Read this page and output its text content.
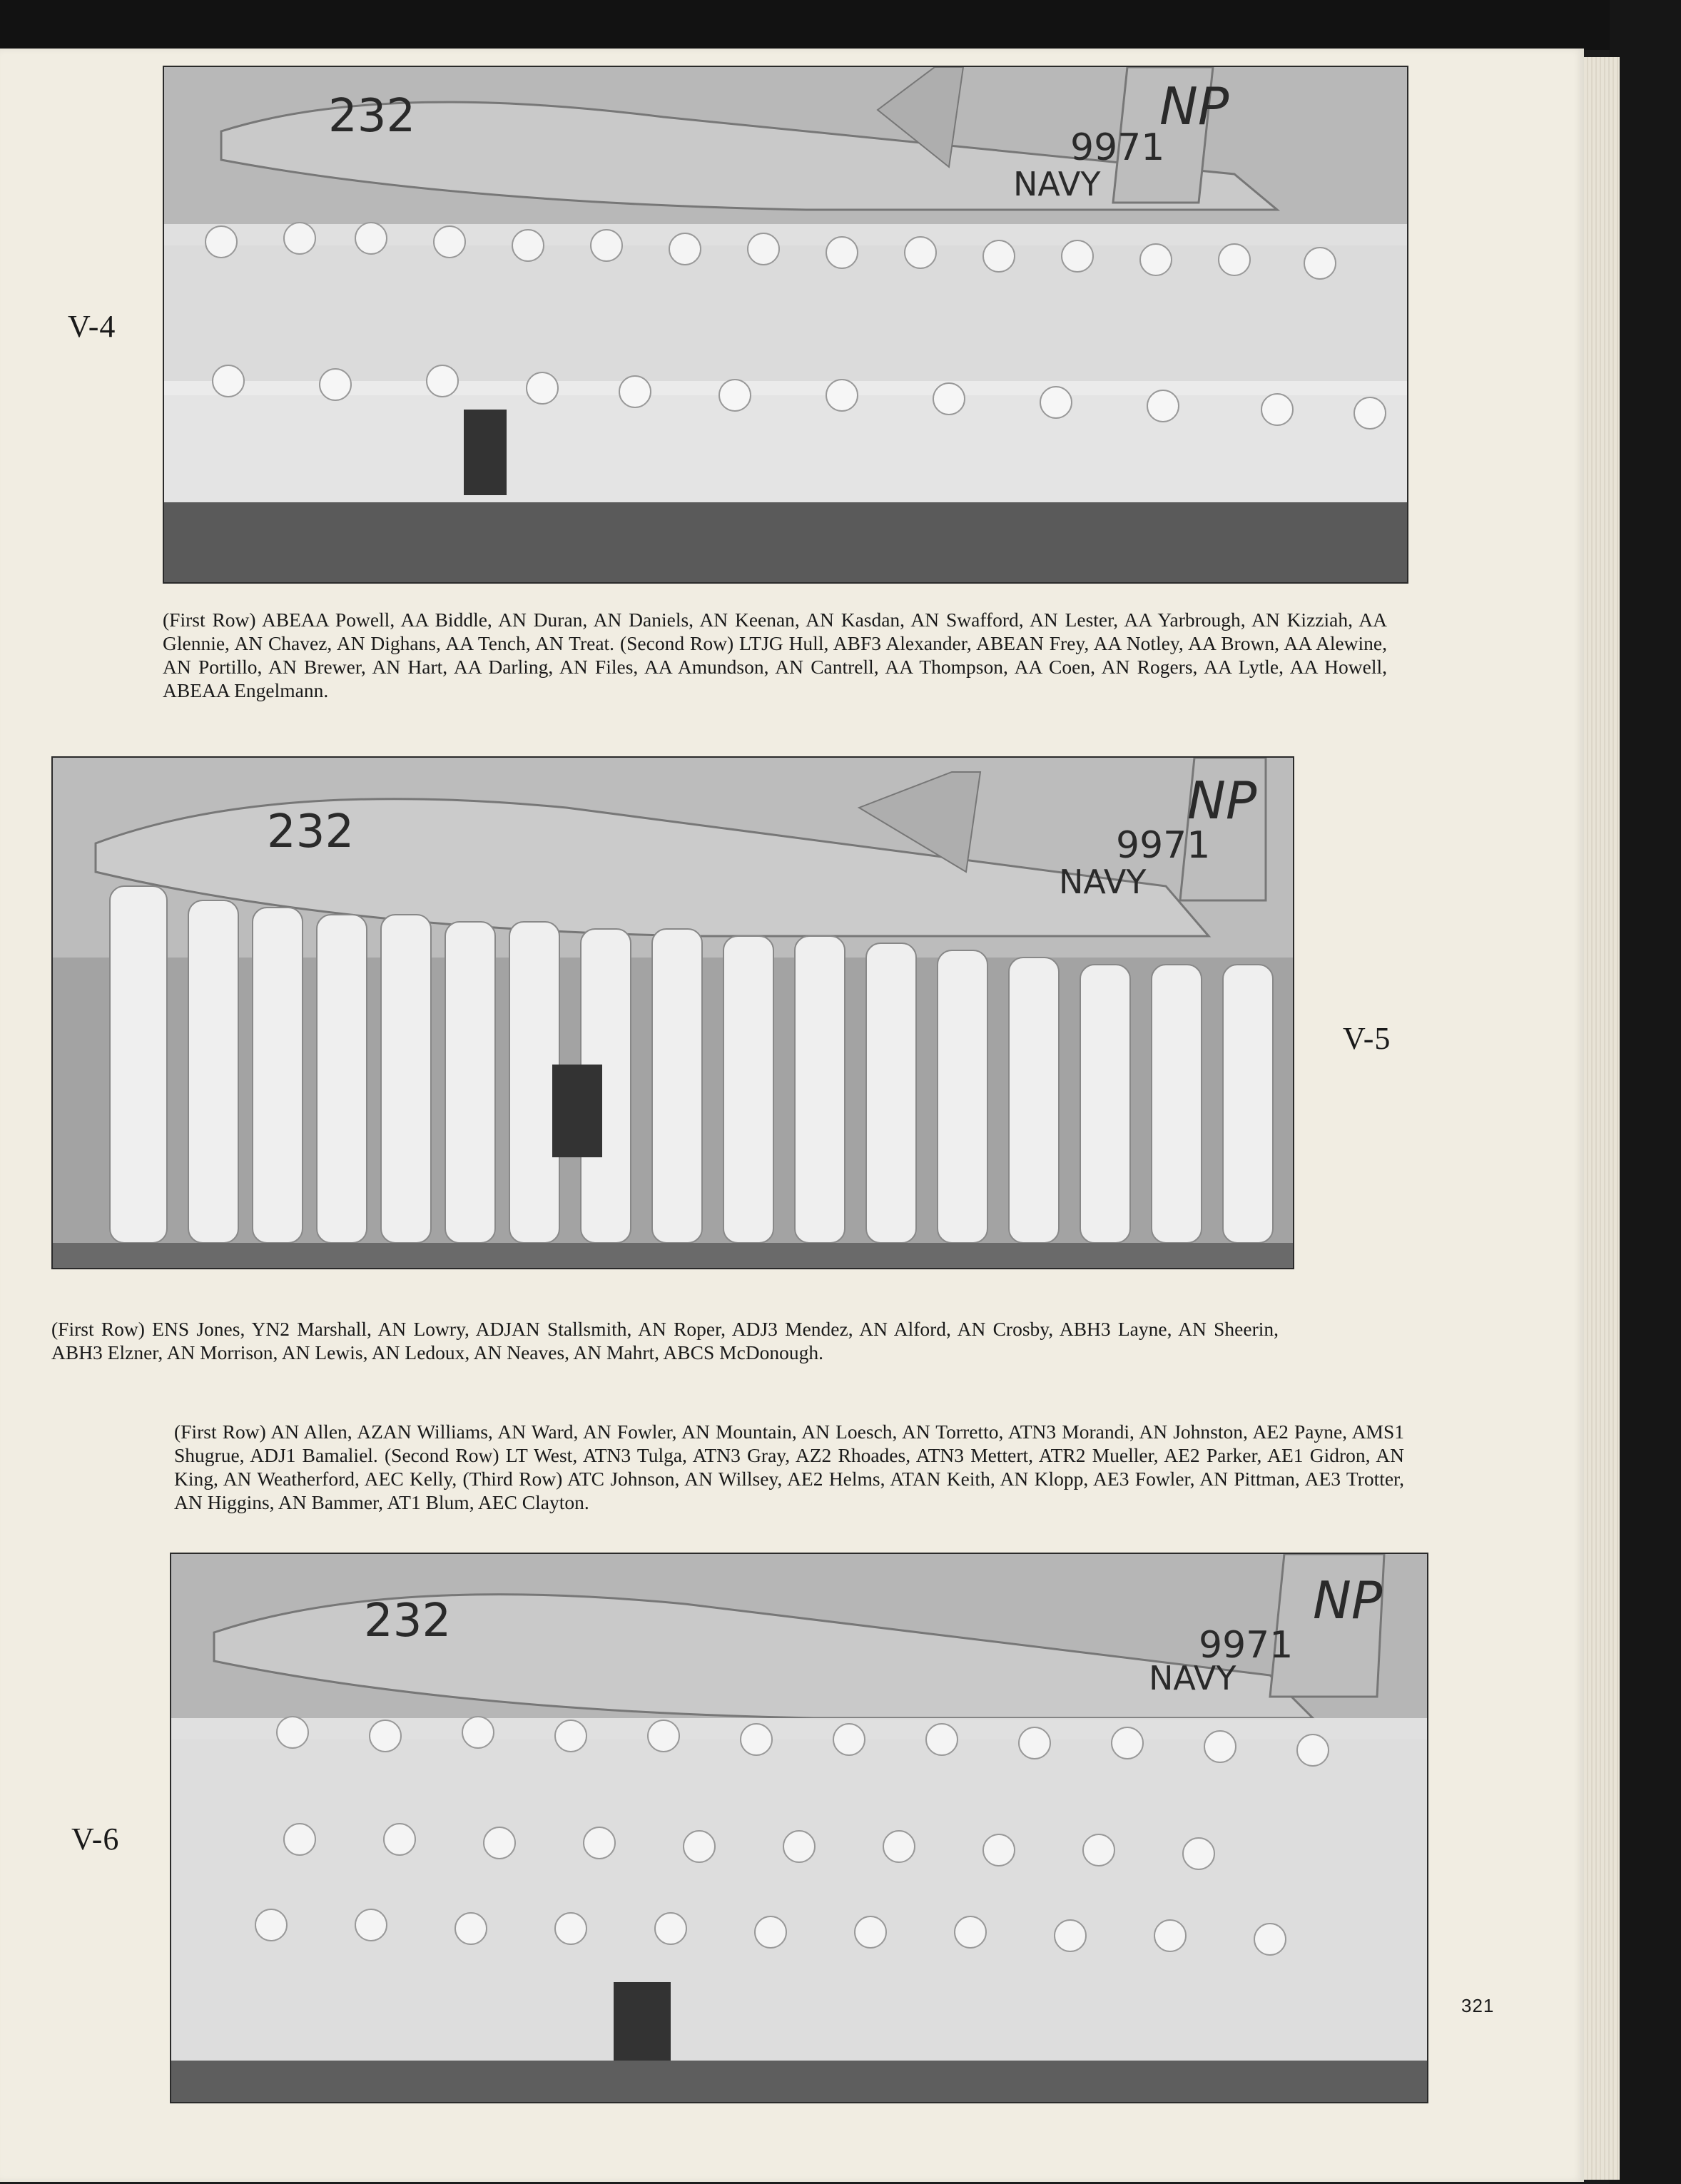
232	NP
9971
NAVY
V-4
(First Row) ABEAA Powell, AA Biddle, AN Duran, AN Daniels, AN Keenan, AN Kasdan, AN Swafford, AN Lester, AA Yarbrough, AN Kizziah, AA Glennie, AN Chavez, AN Dighans, AA Tench, AN Treat. (Second Row) LTJG Hull, ABF3 Alexander, ABEAN Frey, AA Notley, AA Brown, AA Alewine, AN Portillo, AN Brewer, AN Hart, AA Darling, AN Files, AA Amundson, AN Cantrell, AA Thompson, AA Coen, AN Rogers, AA Lytle, AA Howell, ABEAA Engelmann.
232
NP
9971
NAVY
V-5
(First Row) ENS Jones, YN2 Marshall, AN Lowry, ADJAN Stallsmith, AN Roper, ADJ3 Mendez, AN Alford, AN Crosby, ABH3 Layne, AN Sheerin, ABH3 Elzner, AN Morrison, AN Lewis, AN Ledoux, AN Neaves, AN Mahrt, ABCS McDonough.
V-6
(First Row) AN Allen, AZAN Williams, AN Ward, AN Fowler, AN Mountain, AN Loesch, AN Torretto, ATN3 Morandi, AN Johnston, AE2 Payne, AMS1 Shugrue, ADJ1 Bamaliel. (Second Row) LT West, ATN3 Tulga, ATN3 Gray, AZ2 Rhoades, ATN3 Mettert, ATR2 Mueller, AE2 Parker, AE1 Gidron, AN King, AN Weatherford, AEC Kelly, (Third Row) ATC Johnson, AN Willsey, AE2 Helms, ATAN Keith, AN Klopp, AE3 Fowler, AN Pittman, AE3 Trotter, AN Higgins, AN Bammer, AT1 Blum, AEC Clayton.
232	NP
9971
NAVY
321
